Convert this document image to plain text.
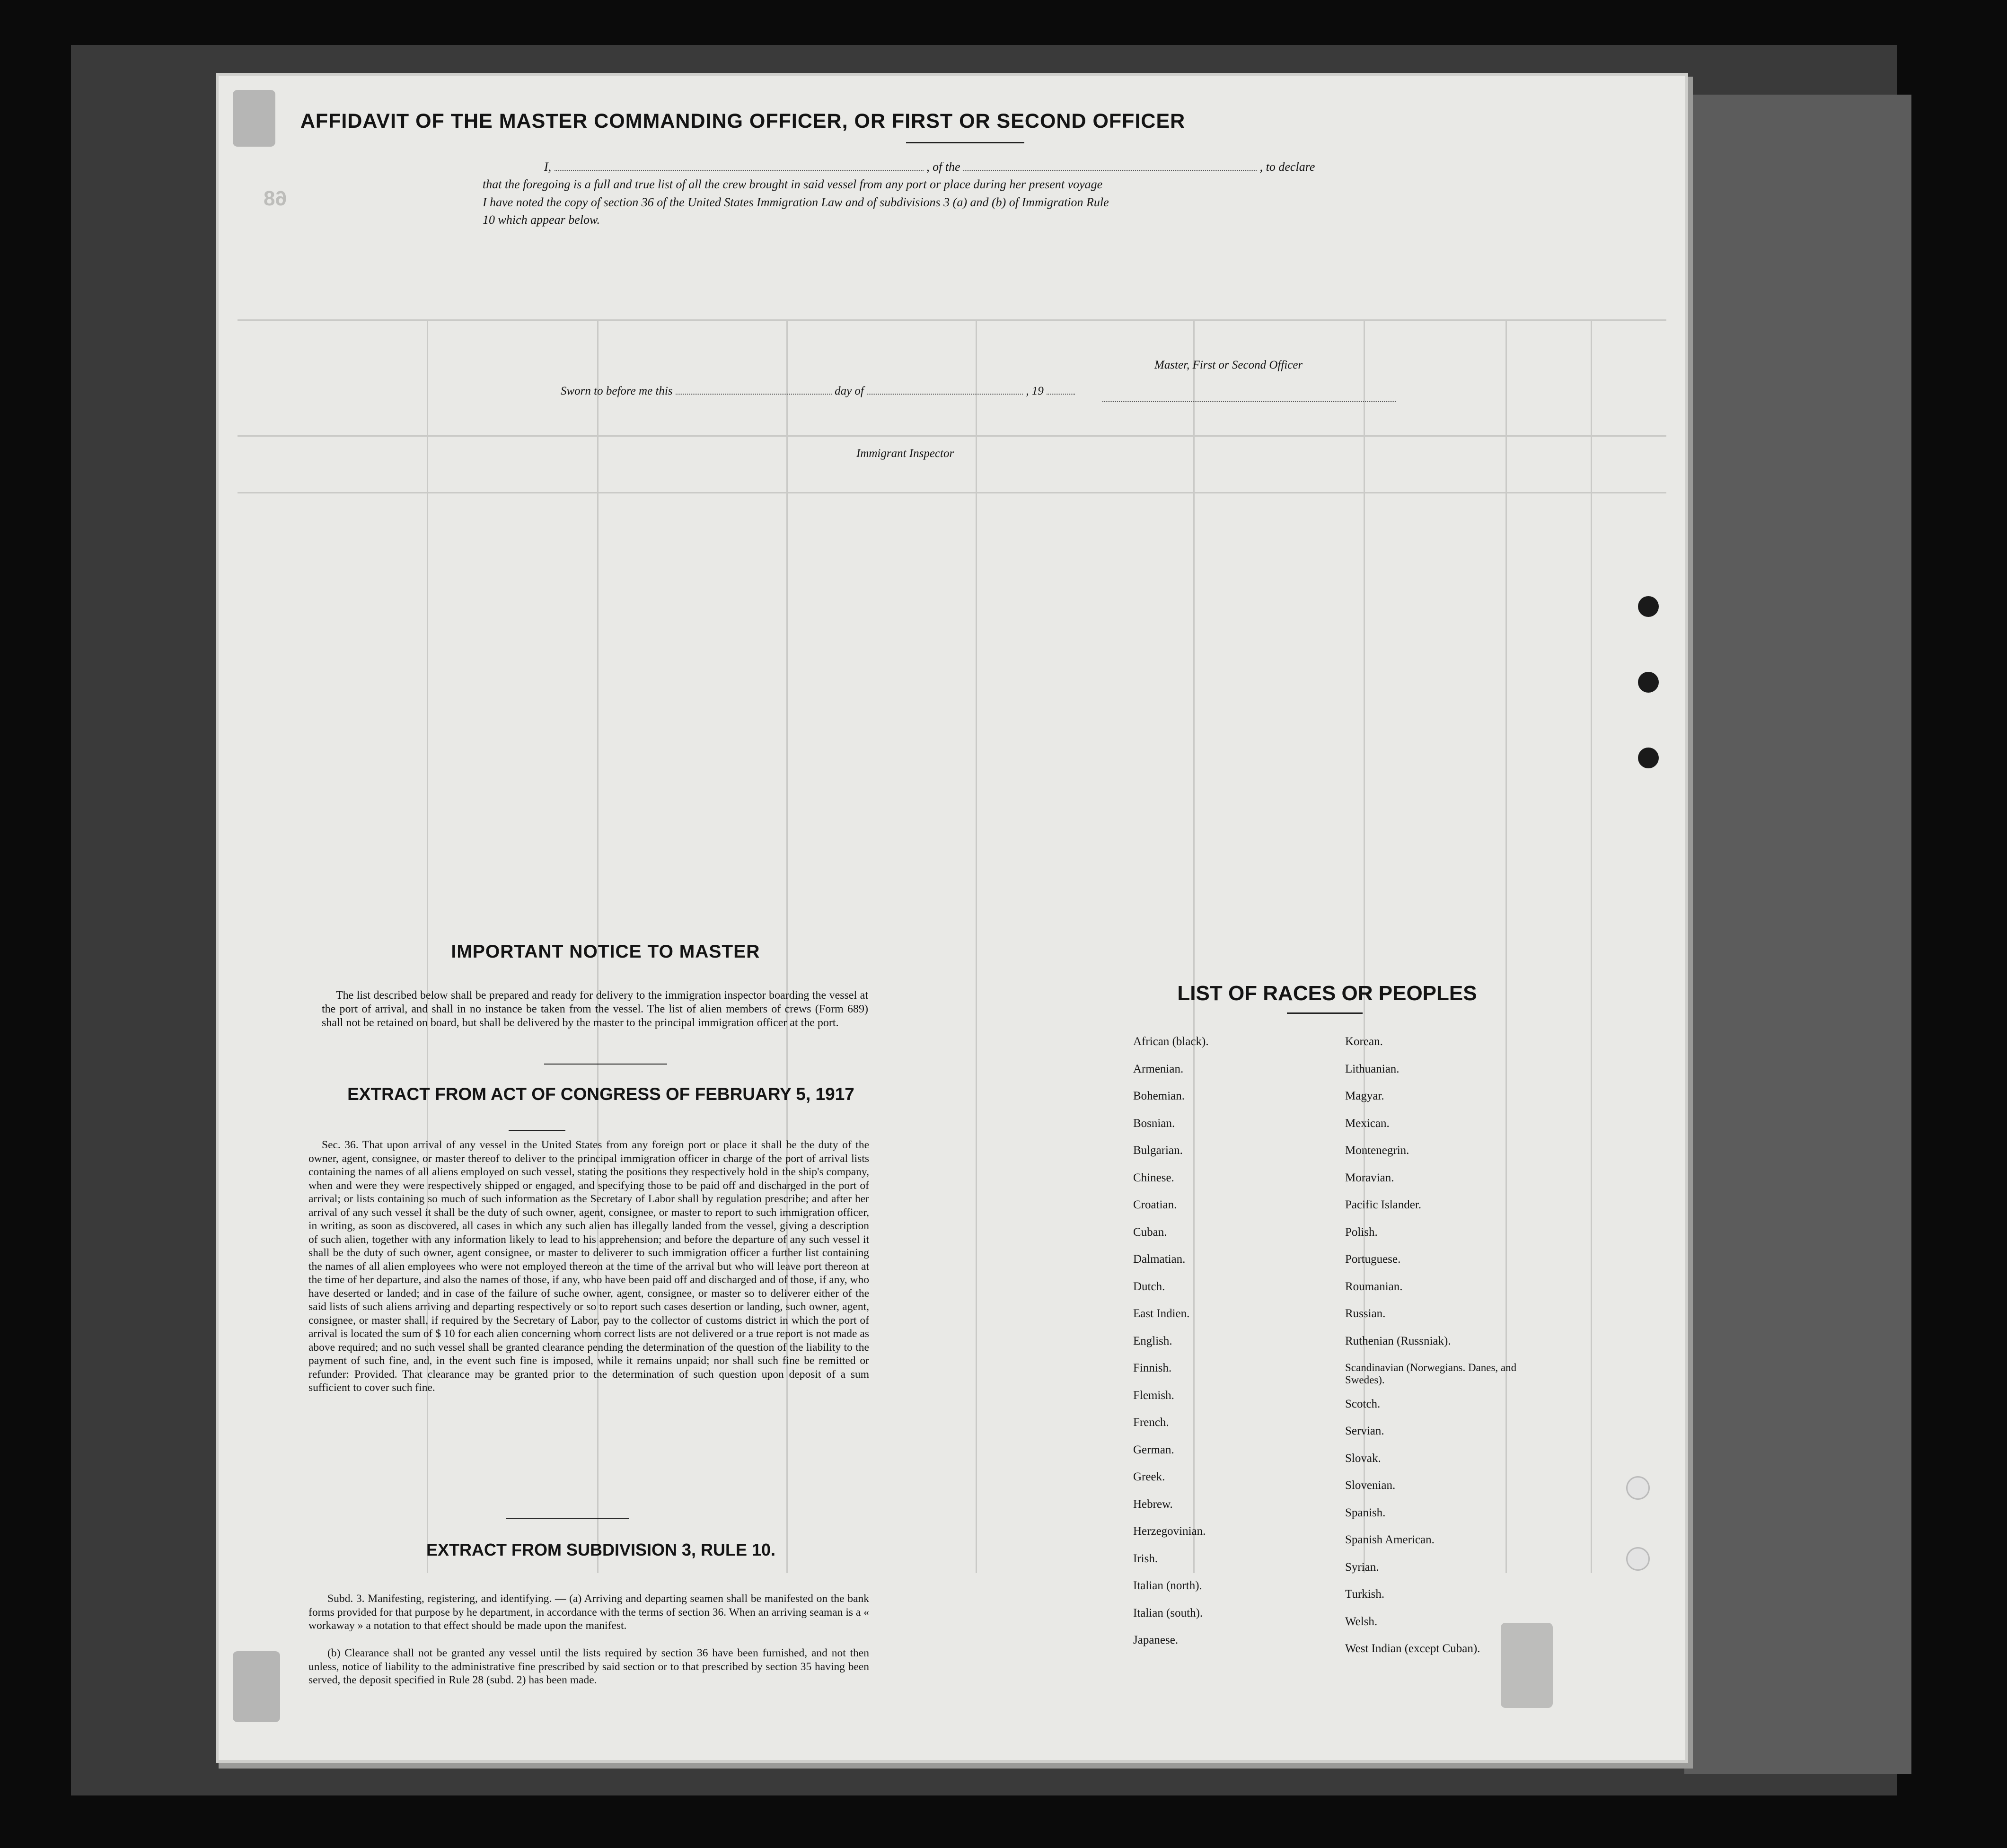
68
AFFIDAVIT OF THE MASTER COMMANDING OFFICER, OR FIRST OR SECOND OFFICER
I,	, of the	, to declare
that the foregoing is a full and true list of all the crew brought in said vessel from any port or place during her present voyage
I have noted the copy of section 36 of the United States Immigration Law and of subdivisions 3 (a) and (b) of Immigration Rule
10 which appear below.
Master, First or Second Officer
Sworn to before me this	day of	, 19
Immigrant Inspector
IMPORTANT NOTICE TO MASTER
The list described below shall be prepared and ready for delivery to the immigration inspector boarding the vessel at the port of arrival, and shall in no instance be taken from the vessel. The list of alien members of crews (Form 689) shall not be retained on board, but shall be delivered by the master to the principal immigration officer at the port.
EXTRACT FROM ACT OF CONGRESS OF FEBRUARY 5, 1917
Sec. 36. That upon arrival of any vessel in the United States from any foreign port or place it shall be the duty of the owner, agent, consignee, or master thereof to deliver to the principal immigration officer in charge of the port of arrival lists containing the names of all aliens employed on such vessel, stating the positions they respectively hold in the ship's company, when and were they were respectively shipped or engaged, and specifying those to be paid off and discharged in the port of arrival; or lists containing so much of such information as the Secretary of Labor shall by regulation prescribe; and after her arrival of any such vessel it shall be the duty of such owner, agent, consignee, or master to report to such immigration officer, in writing, as soon as discovered, all cases in which any such alien has illegally landed from the vessel, giving a description of such alien, together with any information likely to lead to his apprehension; and before the departure of any such vessel it shall be the duty of such owner, agent consignee, or master to deliverer to such immigration officer a further list containing the names of all alien employees who were not employed thereon at the time of the arrival but who will leave port thereon at the time of her departure, and also the names of those, if any, who have been paid off and discharged and of those, if any, who have deserted or landed; and in case of the failure of suche owner, agent, consignee, or master so to deliverer either of the said lists of such aliens arriving and departing respectively or so to report such cases desertion or landing, such owner, agent, consignee, or master shall, if required by the Secretary of Labor, pay to the collector of customs district in which the port of arrival is located the sum of $ 10 for each alien concerning whom correct lists are not delivered or a true report is not made as above required; and no such vessel shall be granted clearance pending the determination of the question of the liability to the payment of such fine, and, in the event such fine is imposed, while it remains unpaid; nor shall such fine be remitted or refunder: Provided. That clearance may be granted prior to the determination of such question upon deposit of a sum sufficient to cover such fine.
EXTRACT FROM SUBDIVISION 3, RULE 10.
Subd. 3. Manifesting, registering, and identifying. — (a) Arriving and departing seamen shall be manifested on the bank forms provided for that purpose by he department, in accordance with the terms of section 36. When an arriving seaman is a « workaway » a notation to that effect should be made upon the manifest.
(b) Clearance shall not be granted any vessel until the lists required by section 36 have been furnished, and not then unless, notice of liability to the administrative fine prescribed by said section or to that prescribed by section 35 having been served, the deposit specified in Rule 28 (subd. 2) has been made.
LIST OF RACES OR PEOPLES
African (black).
Armenian.
Bohemian.
Bosnian.
Bulgarian.
Chinese.
Croatian.
Cuban.
Dalmatian.
Dutch.
East Indien.
English.
Finnish.
Flemish.
French.
German.
Greek.
Hebrew.
Herzegovinian.
Irish.
Italian (north).
Italian (south).
Japanese.
Korean.
Lithuanian.
Magyar.
Mexican.
Montenegrin.
Moravian.
Pacific Islander.
Polish.
Portuguese.
Roumanian.
Russian.
Ruthenian (Russniak).
Scandinavian (Norwegians. Danes, and Swedes).
Scotch.
Servian.
Slovak.
Slovenian.
Spanish.
Spanish American.
Syrian.
Turkish.
Welsh.
West Indian (except Cuban).
